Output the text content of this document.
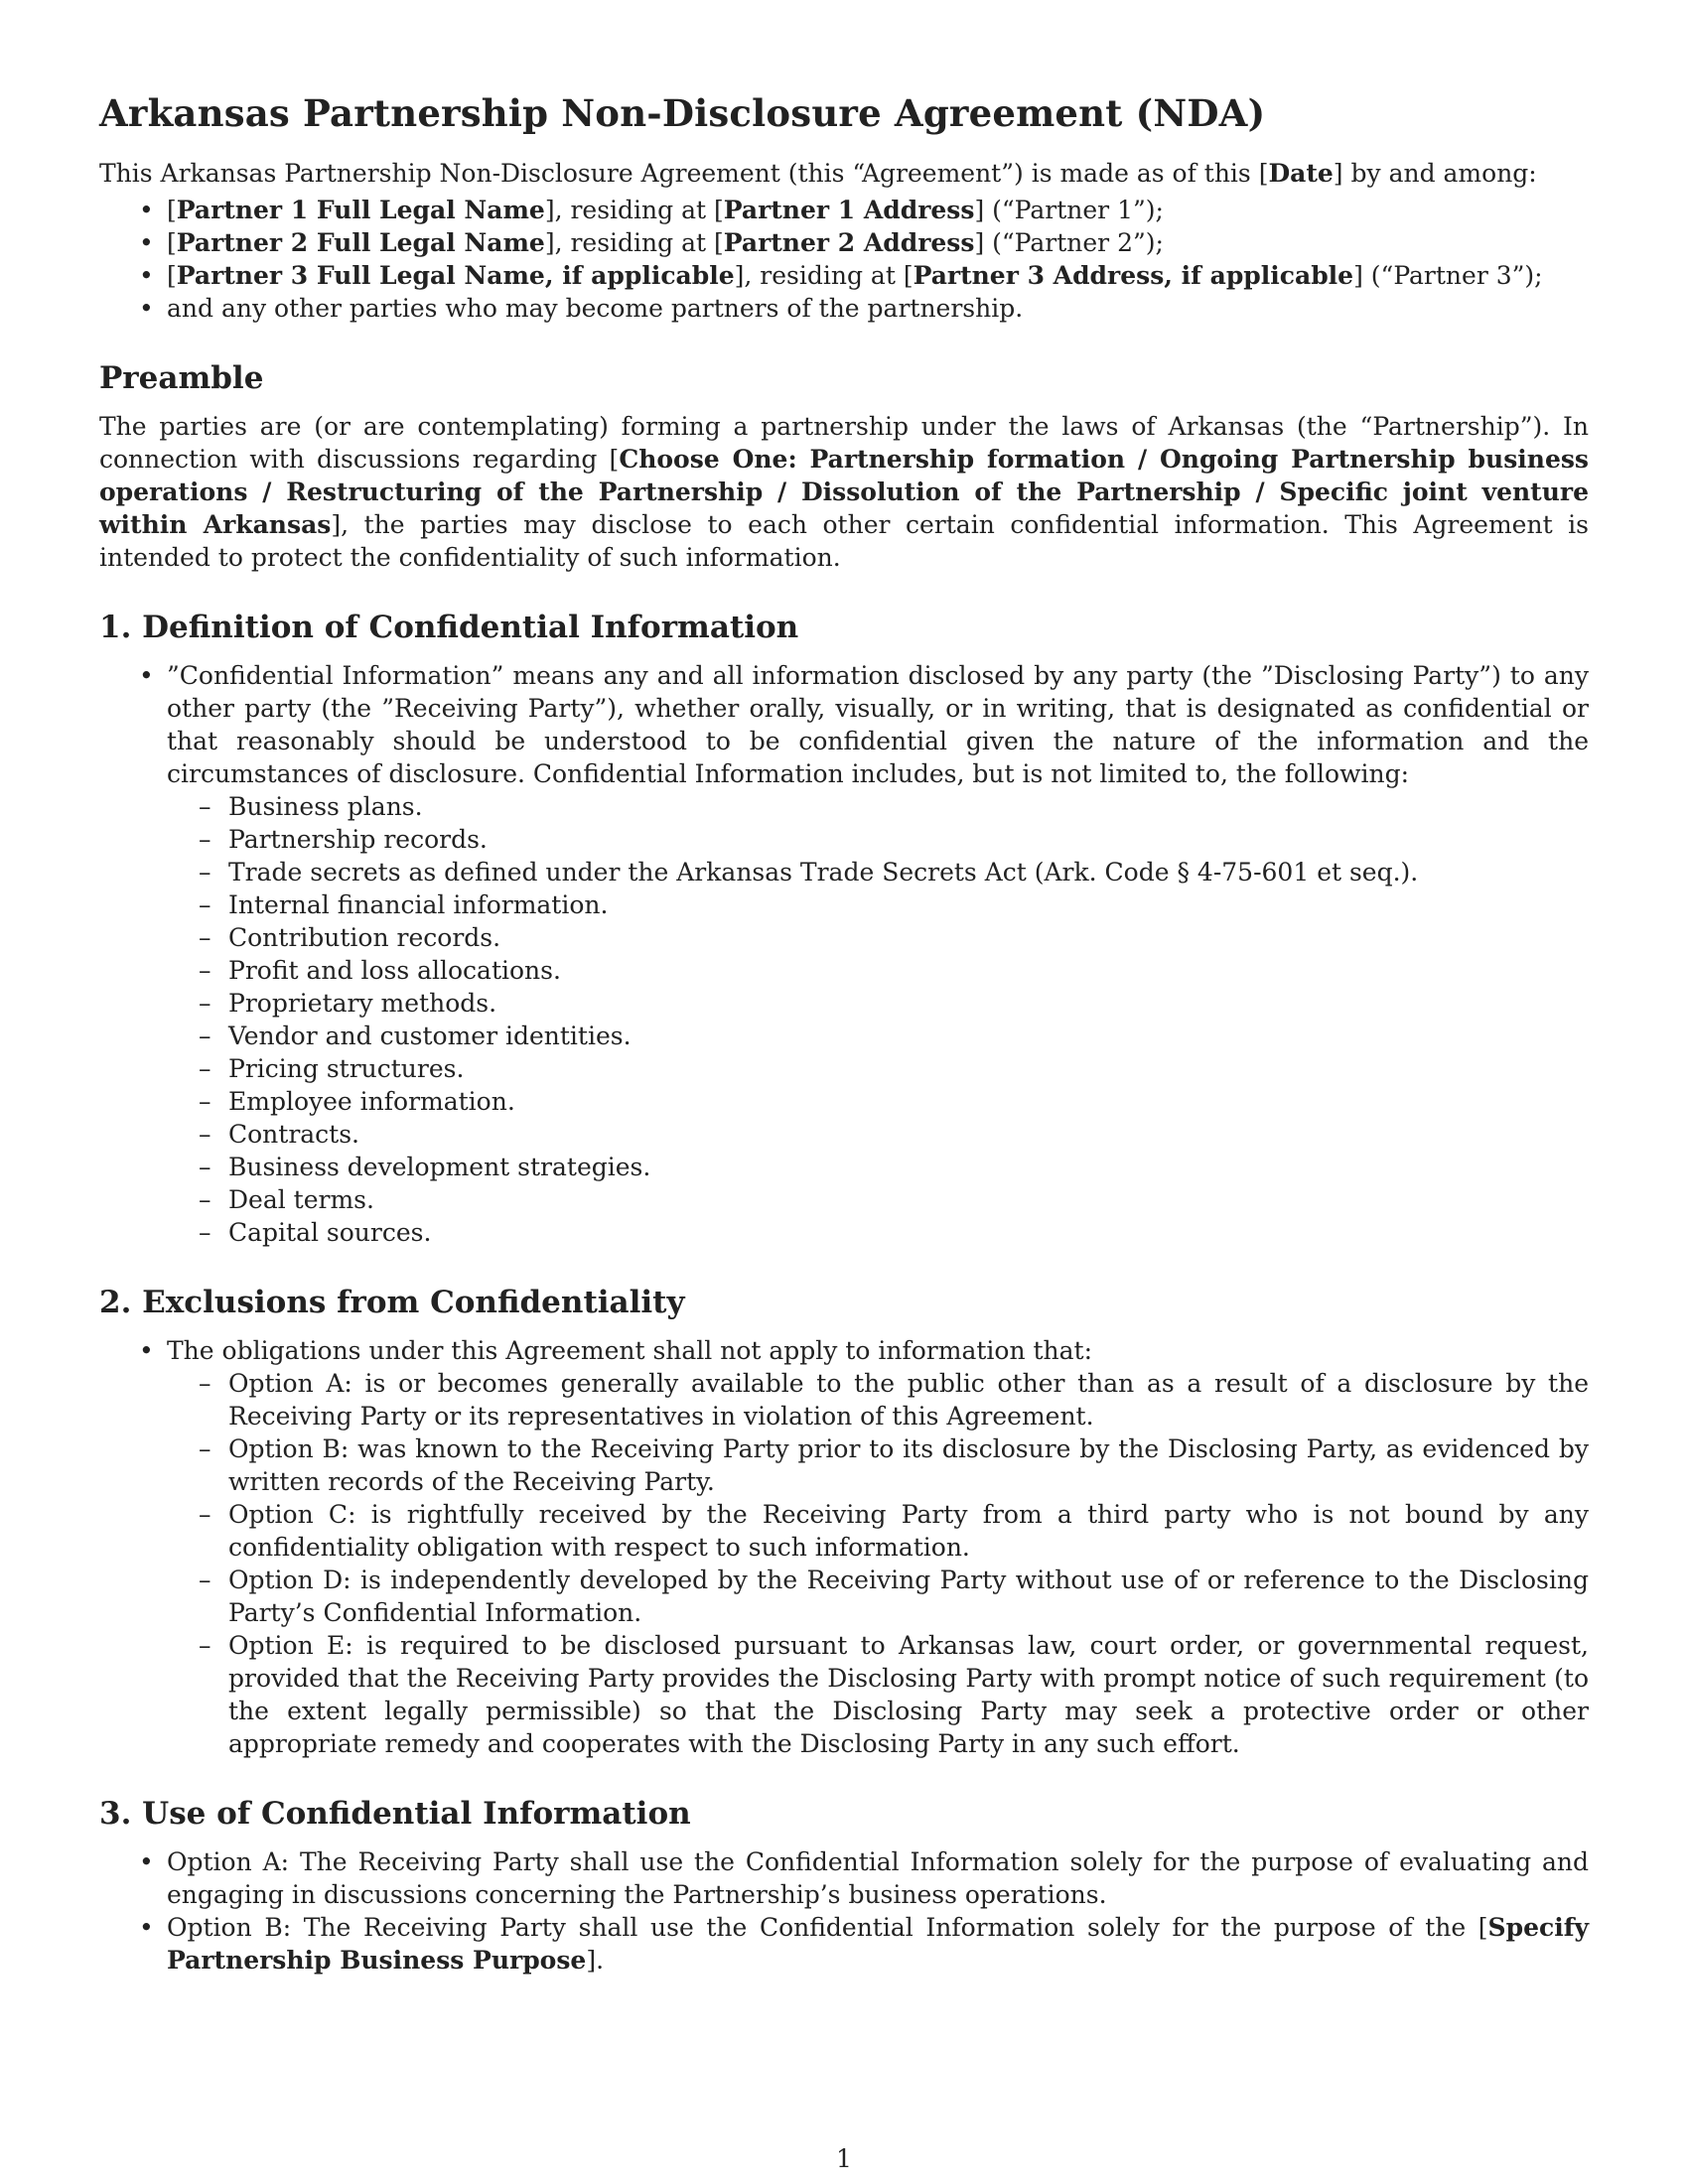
Arkansas Partnership Non-Disclosure Agreement (NDA)

This Arkansas Partnership Non-Disclosure Agreement (this “Agreement”) is made as of this [Date] by and among:

• [Partner 1 Full Legal Name], residing at [Partner 1 Address] (“Partner 1”);
• [Partner 2 Full Legal Name], residing at [Partner 2 Address] (“Partner 2”);
• [Partner 3 Full Legal Name, if applicable], residing at [Partner 3 Address, if applicable] (“Partner 3”);
• and any other parties who may become partners of the partnership.
Preamble

The parties are (or are contemplating) forming a partnership under the laws of Arkansas (the “Partnership”). In connection with discussions regarding [Choose One: Partnership formation / Ongoing Partnership business operations / Restructuring of the Partnership / Dissolution of the Partnership / Specific joint venture within Arkansas], the parties may disclose to each other certain confidential information. This Agreement is intended to protect the confidentiality of such information.

1. Definition of Confidential Information
• ”Confidential Information” means any and all information disclosed by any party (the ”Disclosing Party”) to any other party (the ”Receiving Party”), whether orally, visually, or in writing, that is designated as confidential or that reasonably should be understood to be confidential given the nature of the information and the circumstances of disclosure. Confidential Information includes, but is not limited to, the following:
– Business plans.
– Partnership records.
– Trade secrets as defined under the Arkansas Trade Secrets Act (Ark. Code § 4-75-601 et seq.).
– Internal financial information.
– Contribution records.
– Profit and loss allocations.
– Proprietary methods.
– Vendor and customer identities.
– Pricing structures.
– Employee information.
– Contracts.
– Business development strategies.
– Deal terms.
– Capital sources.
2. Exclusions from Confidentiality
• The obligations under this Agreement shall not apply to information that:
– Option A: is or becomes generally available to the public other than as a result of a disclosure by the Receiving Party or its representatives in violation of this Agreement.
– Option B: was known to the Receiving Party prior to its disclosure by the Disclosing Party, as evidenced by written records of the Receiving Party.
– Option C: is rightfully received by the Receiving Party from a third party who is not bound by any confidentiality obligation with respect to such information.
– Option D: is independently developed by the Receiving Party without use of or reference to the Disclosing Party’s Confidential Information.
– Option E: is required to be disclosed pursuant to Arkansas law, court order, or governmental request, provided that the Receiving Party provides the Disclosing Party with prompt notice of such requirement (to the extent legally permissible) so that the Disclosing Party may seek a protective order or other appropriate remedy and cooperates with the Disclosing Party in any such effort.
3. Use of Confidential Information
• Option A: The Receiving Party shall use the Confidential Information solely for the purpose of evaluating and engaging in discussions concerning the Partnership’s business operations.
• Option B: The Receiving Party shall use the Confidential Information solely for the purpose of the [Specify Partnership Business Purpose].
1
